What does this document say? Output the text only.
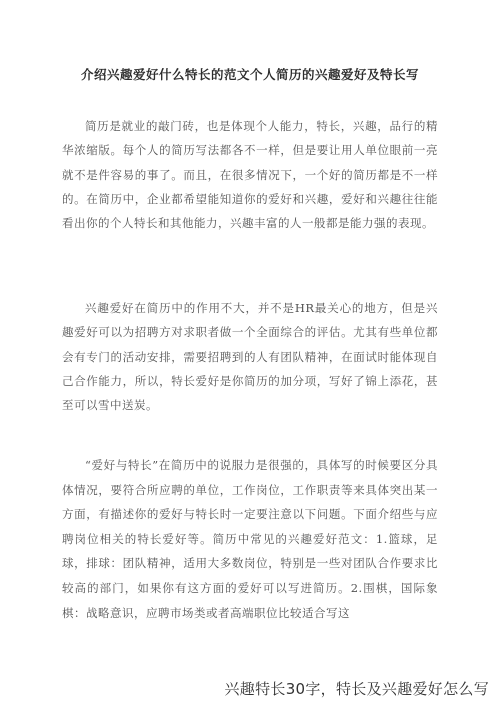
介绍兴趣爱好什么特长的范文个人简历的兴趣爱好及特长写

简历是就业的敲门砖，也是体现个人能力，特长，兴趣，品行的精华浓缩版。每个人的简历写法都各不一样，但是要让用人单位眼前一亮就不是件容易的事了。而且，在很多情况下，一个好的简历都是不一样的。在简历中，企业都希望能知道你的爱好和兴趣，爱好和兴趣往往能看出你的个人特长和其他能力，兴趣丰富的人一般都是能力强的表现。

兴趣爱好在简历中的作用不大，并不是HR最关心的地方，但是兴趣爱好可以为招聘方对求职者做一个全面综合的评估。尤其有些单位都会有专门的活动安排，需要招聘到的人有团队精神，在面试时能体现自己合作能力，所以，特长爱好是你简历的加分项，写好了锦上添花，甚至可以雪中送炭。

“爱好与特长”在简历中的说服力是很强的，具体写的时候要区分具体情况，要符合所应聘的单位，工作岗位，工作职责等来具体突出某一方面，有描述你的爱好与特长时一定要注意以下问题。下面介绍些与应聘岗位相关的特长爱好等。简历中常见的兴趣爱好范文：1.篮球，足球，排球：团队精神，适用大多数岗位，特别是一些对团队合作要求比较高的部门，如果你有这方面的爱好可以写进简历。2.围棋，国际象棋：战略意识，应聘市场类或者高端职位比较适合写这

兴趣特长30字，特长及兴趣爱好怎么写
